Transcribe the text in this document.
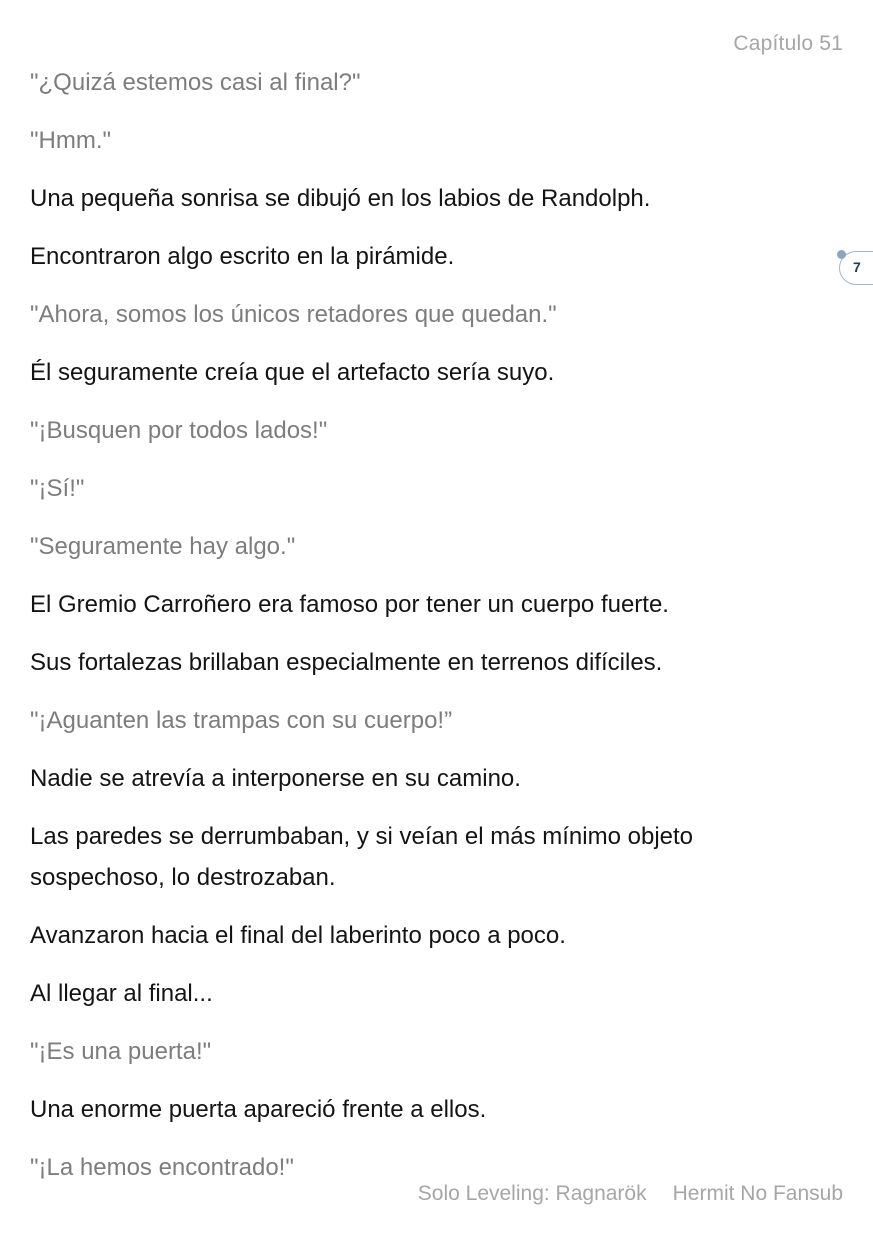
Capítulo 51

"¿Quizá estemos casi al final?"

"Hmm."

Una pequeña sonrisa se dibujó en los labios de Randolph.

Encontraron algo escrito en la pirámide.

"Ahora, somos los únicos retadores que quedan."

Él seguramente creía que el artefacto sería suyo.

"¡Busquen por todos lados!"

"¡Sí!"

"Seguramente hay algo."

El Gremio Carroñero era famoso por tener un cuerpo fuerte.

Sus fortalezas brillaban especialmente en terrenos difíciles.

"¡Aguanten las trampas con su cuerpo!”

Nadie se atrevía a interponerse en su camino.

Las paredes se derrumbaban, y si veían el más mínimo objeto sospechoso, lo destrozaban.

Avanzaron hacia el final del laberinto poco a poco.

Al llegar al final...

"¡Es una puerta!"

Una enorme puerta apareció frente a ellos.

"¡La hemos encontrado!"

7
Solo Leveling: Ragnarök Hermit No Fansub
